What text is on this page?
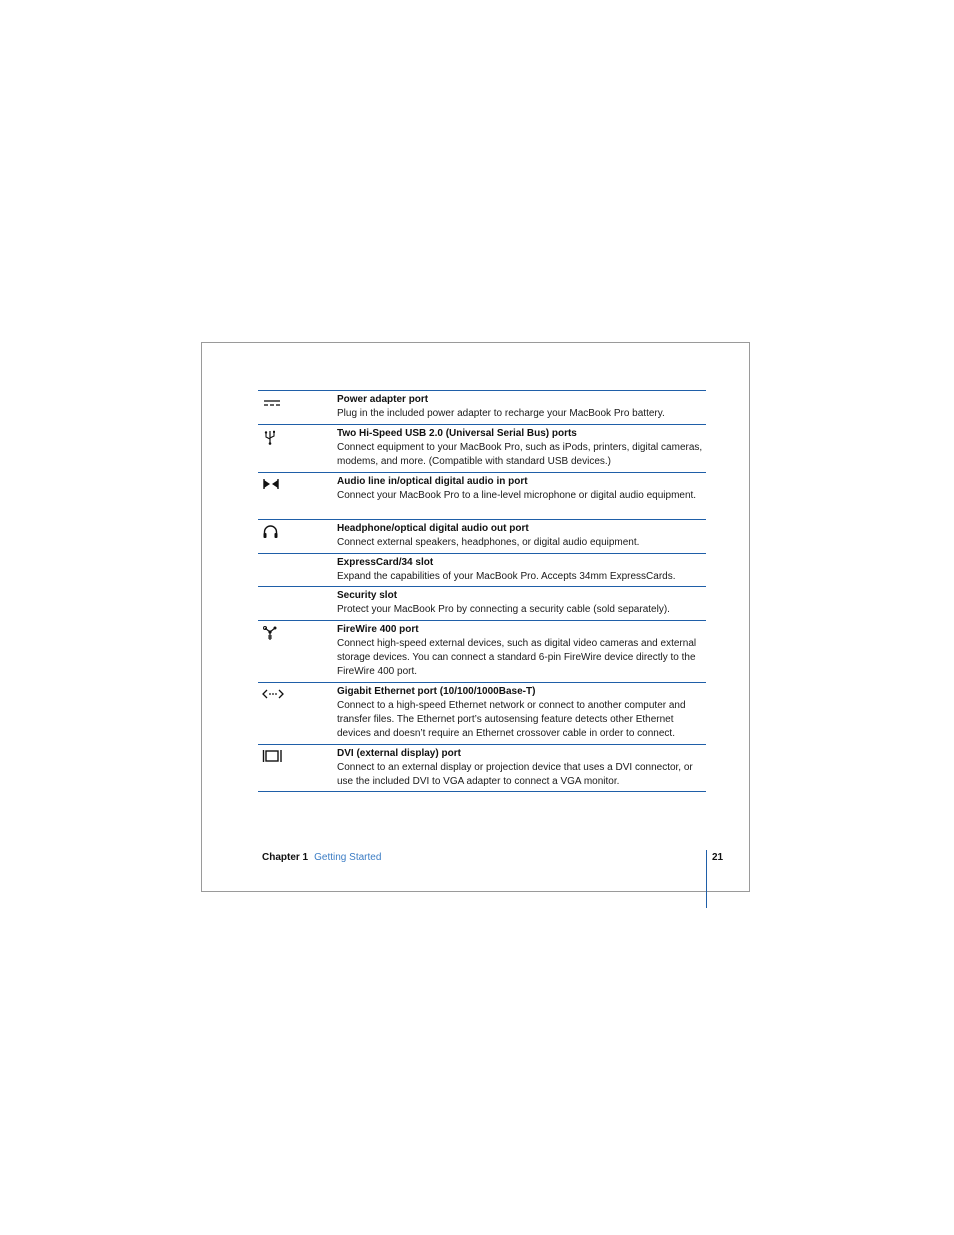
Power adapter port
Plug in the included power adapter to recharge your MacBook Pro battery.
Two Hi-Speed USB 2.0 (Universal Serial Bus) ports
Connect equipment to your MacBook Pro, such as iPods, printers, digital cameras, modems, and more. (Compatible with standard USB devices.)
Audio line in/optical digital audio in port
Connect your MacBook Pro to a line-level microphone or digital audio equipment.
Headphone/optical digital audio out port
Connect external speakers, headphones, or digital audio equipment.
ExpressCard/34 slot
Expand the capabilities of your MacBook Pro. Accepts 34mm ExpressCards.
Security slot
Protect your MacBook Pro by connecting a security cable (sold separately).
FireWire 400 port
Connect high-speed external devices, such as digital video cameras and external storage devices. You can connect a standard 6-pin FireWire device directly to the FireWire 400 port.
Gigabit Ethernet port (10/100/1000Base-T)
Connect to a high-speed Ethernet network or connect to another computer and transfer files. The Ethernet port’s autosensing feature detects other Ethernet devices and doesn’t require an Ethernet crossover cable in order to connect.
DVI (external display) port
Connect to an external display or projection device that uses a DVI connector, or use the included DVI to VGA adapter to connect a VGA monitor.
Chapter 1 Getting Started	21
